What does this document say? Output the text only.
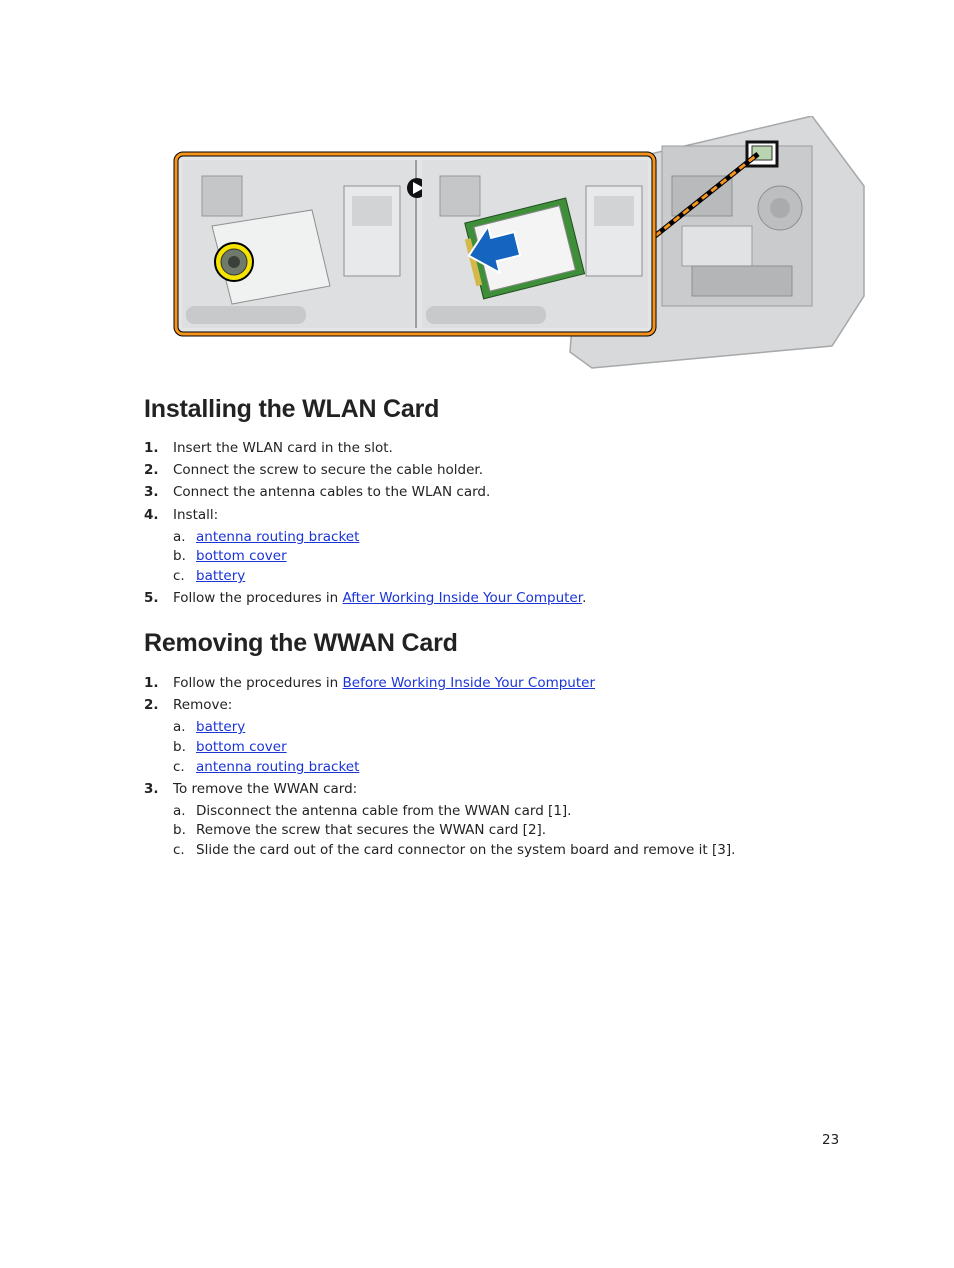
Installing the WLAN Card
1. Insert the WLAN card in the slot.
2. Connect the screw to secure the cable holder.
3. Connect the antenna cables to the WLAN card.
4. Install:
a. antenna routing bracket
b. bottom cover
c. battery
5. Follow the procedures in After Working Inside Your Computer.
Removing the WWAN Card
1. Follow the procedures in Before Working Inside Your Computer
2. Remove:
a. battery
b. bottom cover
c. antenna routing bracket
3. To remove the WWAN card:
a. Disconnect the antenna cable from the WWAN card [1].
b. Remove the screw that secures the WWAN card [2].
c. Slide the card out of the card connector on the system board and remove it [3].
23
